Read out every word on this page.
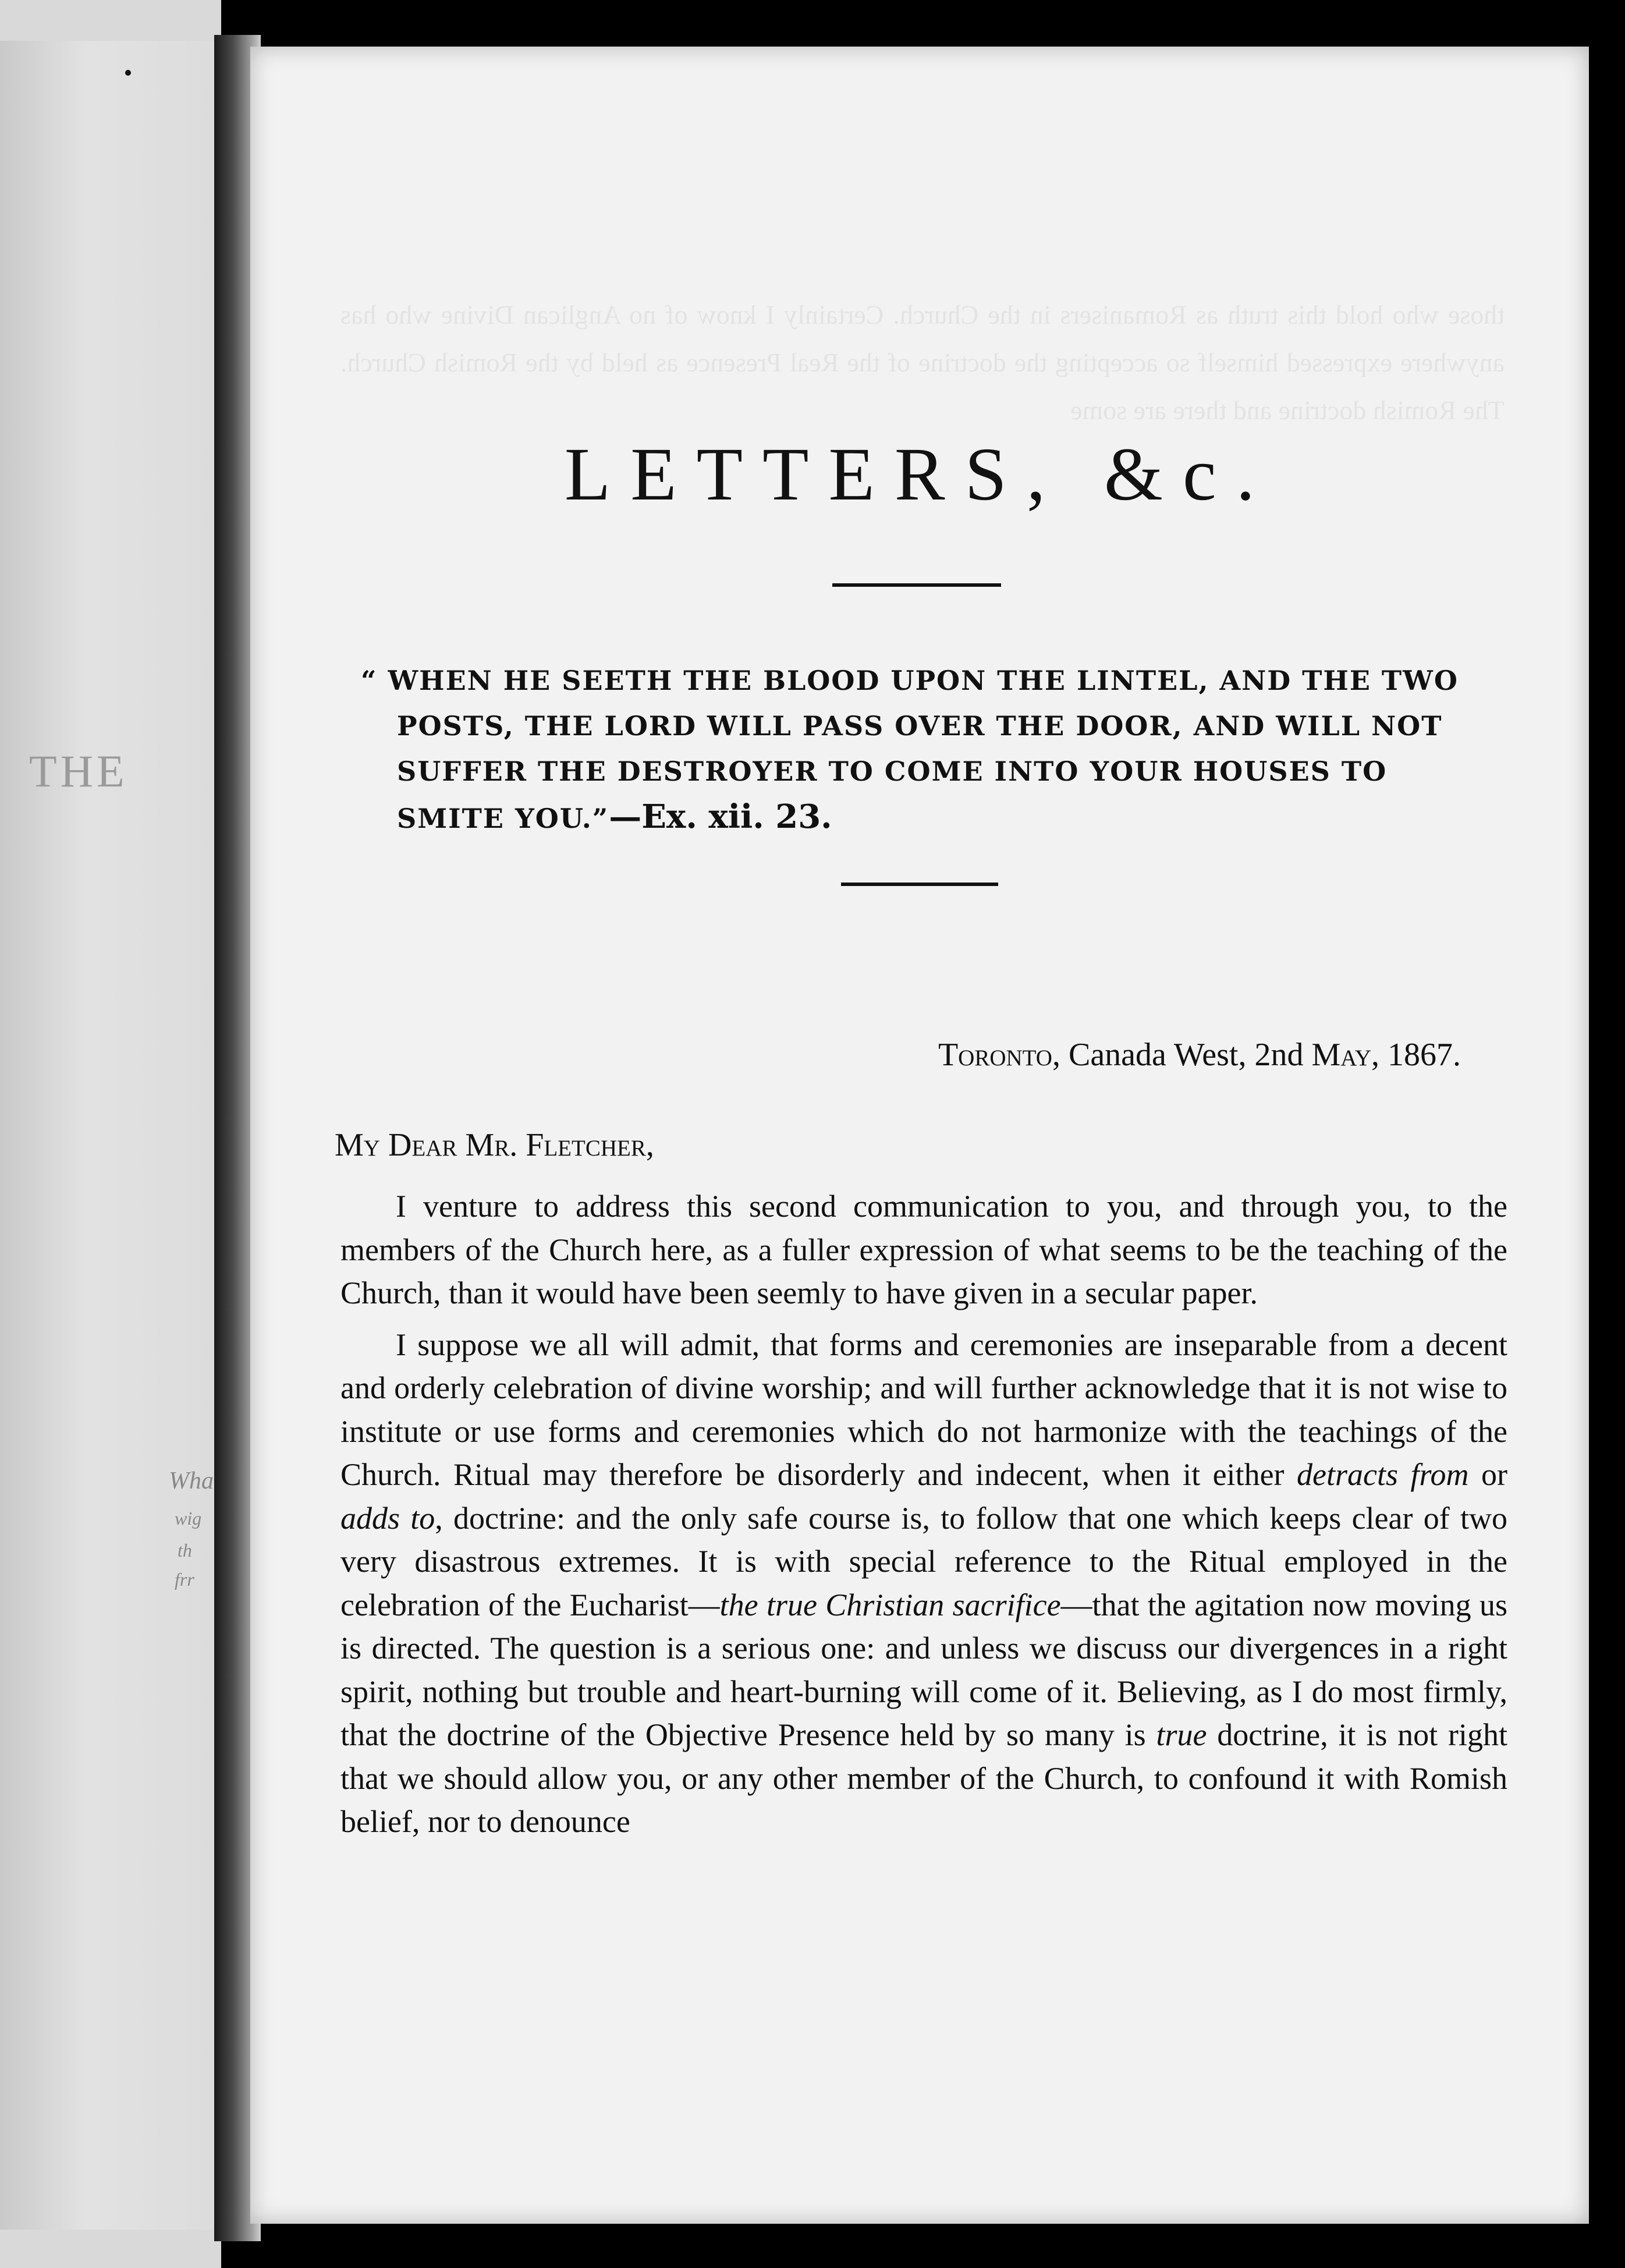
THE
Wha
wig
th
frr
those who hold this truth as Romanisers in the Church. Certainly I know of no Anglican Divine who has anywhere expressed himself so accepting the doctrine of the Real Presence as held by the Romish Church. The Romish doctrine and there are some
LETTERS, &c.
“ WHEN HE SEETH THE BLOOD UPON THE LINTEL, AND THE TWO
POSTS, THE LORD WILL PASS OVER THE DOOR, AND WILL NOT
SUFFER THE DESTROYER TO COME INTO YOUR HOUSES TO
SMITE YOU.”—Ex. xii. 23.
Toronto, Canada West, 2nd May, 1867.
My Dear Mr. Fletcher,

I venture to address this second communication to you, and through you, to the members of the Church here, as a fuller expression of what seems to be the teaching of the Church, than it would have been seemly to have given in a secular paper.

I suppose we all will admit, that forms and ceremonies are inseparable from a decent and orderly celebration of divine worship; and will further acknowledge that it is not wise to institute or use forms and ceremonies which do not harmonize with the teachings of the Church. Ritual may therefore be disorderly and indecent, when it either detracts from or adds to, doctrine: and the only safe course is, to follow that one which keeps clear of two very disastrous extremes. It is with special reference to the Ritual employed in the celebration of the Eucharist—the true Christian sacrifice—that the agitation now moving us is directed. The question is a serious one: and unless we discuss our divergences in a right spirit, nothing but trouble and heart-burning will come of it. Believing, as I do most firmly, that the doctrine of the Objective Presence held by so many is true doctrine, it is not right that we should allow you, or any other member of the Church, to confound it with Romish belief, nor to denounce
